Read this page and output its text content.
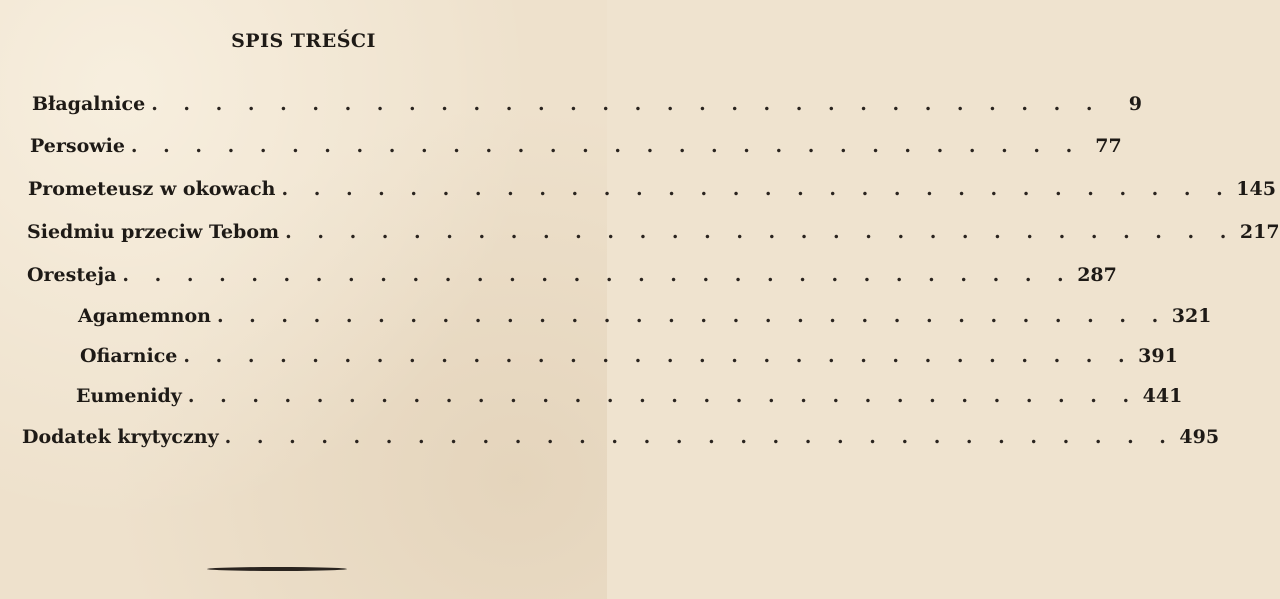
SPIS TREŚCI
Błagalnice . . . . . . . . . . . . . . . . . . . . . . . . . . . . . .	9
Persowie . . . . . . . . . . . . . . . . . . . . . . . . . . . . . . 77
Prometeusz w okowach . . . . . . . . . . . . . . . . . . . . . . . . . . . . . . 145
Siedmiu przeciw Tebom . . . . . . . . . . . . . . . . . . . . . . . . . . . . . . 217
Oresteja . . . . . . . . . . . . . . . . . . . . . . . . . . . . . . 287
Agamemnon . . . . . . . . . . . . . . . . . . . . . . . . . . . . . . 321
Ofiarnice . . . . . . . . . . . . . . . . . . . . . . . . . . . . . . 391
Eumenidy . . . . . . . . . . . . . . . . . . . . . . . . . . . . . . 441
Dodatek krytyczny . . . . . . . . . . . . . . . . . . . . . . . . . . . . . . 495
